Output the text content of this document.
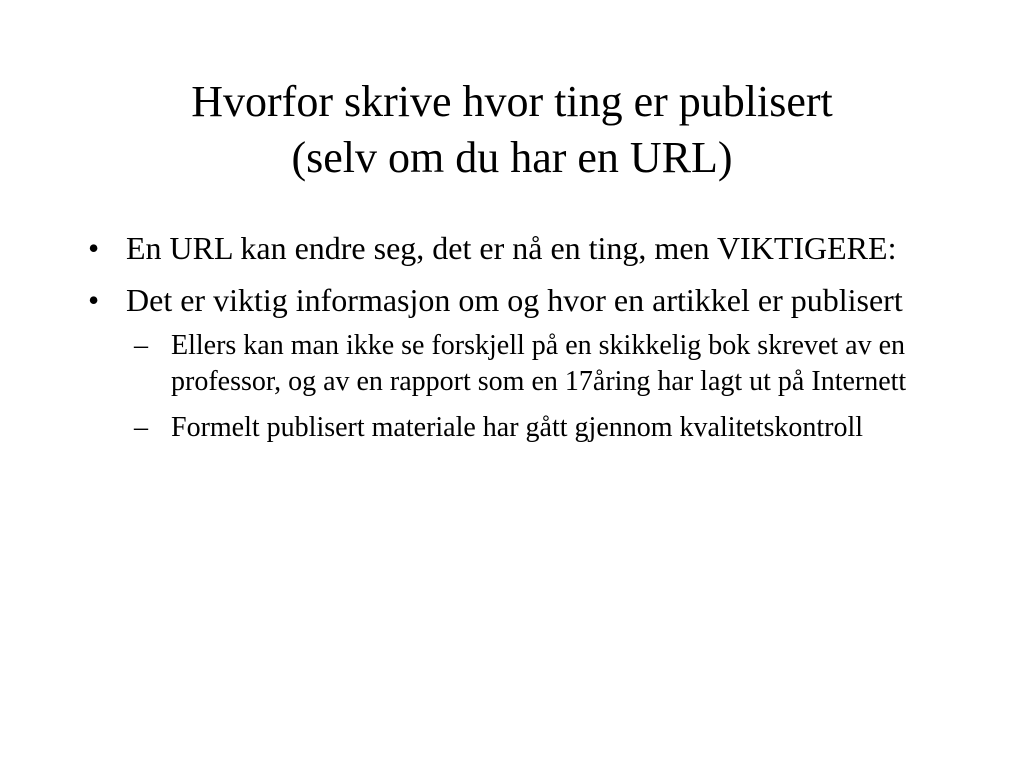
Hvorfor skrive hvor ting er publisert
(selv om du har en URL)
• En URL kan endre seg, det er nå en ting, men VIKTIGERE:
• Det er viktig informasjon om og hvor en artikkel er publisert
– Ellers kan man ikke se forskjell på en skikkelig bok skrevet av en professor, og av en rapport som en 17åring har lagt ut på Internett
– Formelt publisert materiale har gått gjennom kvalitetskontroll
